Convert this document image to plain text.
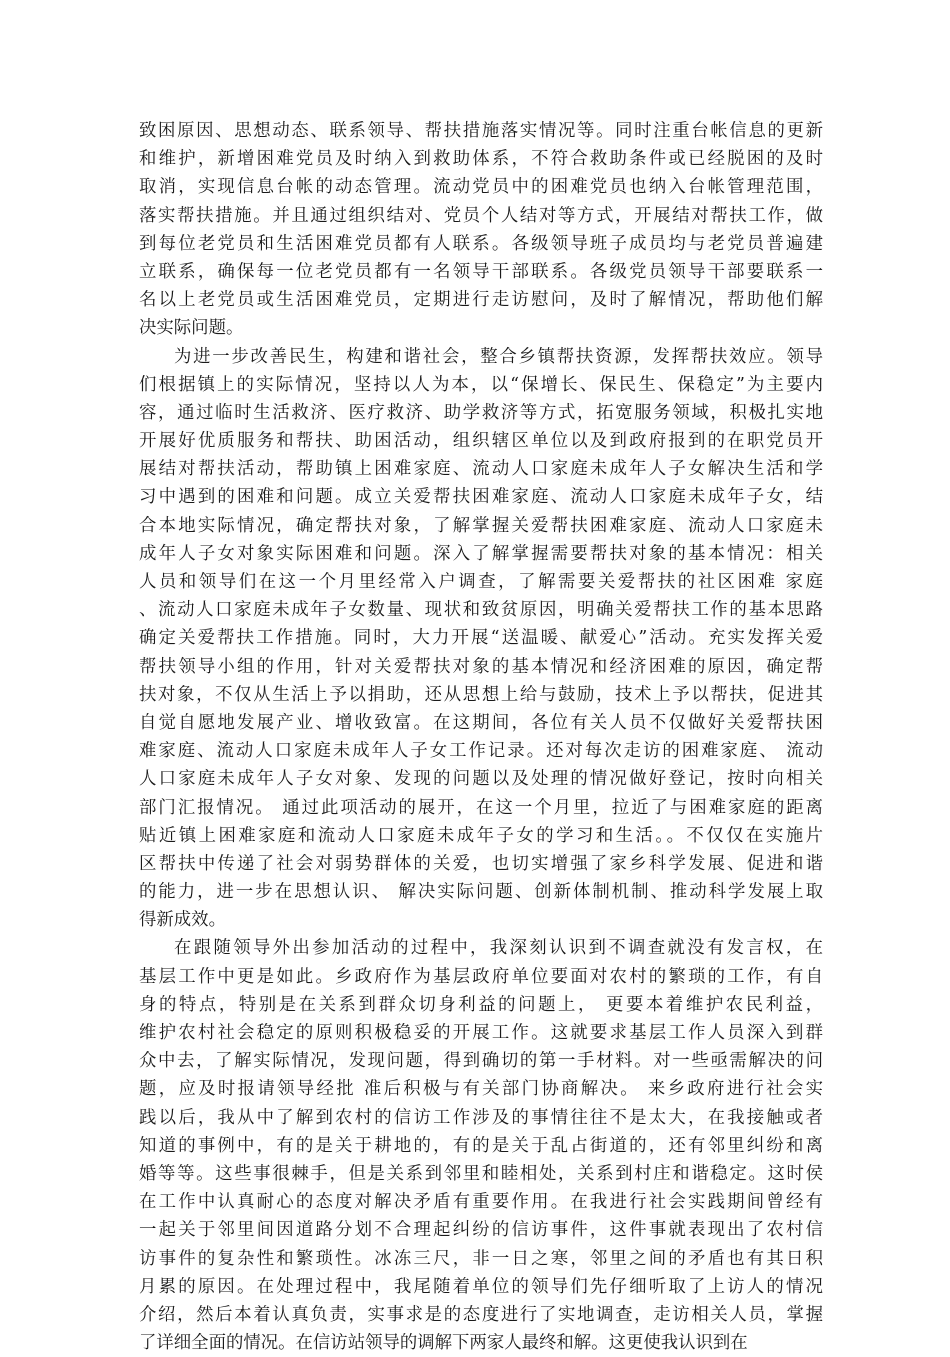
致困原因、思想动态、联系领导、帮扶措施落实情况等。同时注重台帐信息的更新
和维护，新增困难党员及时纳入到救助体系，不符合救助条件或已经脱困的及时
取消，实现信息台帐的动态管理。流动党员中的困难党员也纳入台帐管理范围，
落实帮扶措施。并且通过组织结对、党员个人结对等方式，开展结对帮扶工作，做
到每位老党员和生活困难党员都有人联系。各级领导班子成员均与老党员普遍建
立联系，确保每一位老党员都有一名领导干部联系。各级党员领导干部要联系一
名以上老党员或生活困难党员，定期进行走访慰问，及时了解情况，帮助他们解
决实际问题。
为进一步改善民生，构建和谐社会，整合乡镇帮扶资源，发挥帮扶效应。领导
们根据镇上的实际情况，坚持以人为本，以“保增长、保民生、保稳定”为主要内
容，通过临时生活救济、医疗救济、助学救济等方式，拓宽服务领域，积极扎实地
开展好优质服务和帮扶、助困活动，组织辖区单位以及到政府报到的在职党员开
展结对帮扶活动，帮助镇上困难家庭、流动人口家庭未成年人子女解决生活和学
习中遇到的困难和问题。成立关爱帮扶困难家庭、流动人口家庭未成年子女，结
合本地实际情况，确定帮扶对象，了解掌握关爱帮扶困难家庭、流动人口家庭未
成年人子女对象实际困难和问题。深入了解掌握需要帮扶对象的基本情况：相关
人员和领导们在这一个月里经常入户调查，了解需要关爱帮扶的社区困难 家庭
、流动人口家庭未成年子女数量、现状和致贫原因，明确关爱帮扶工作的基本思路
确定关爱帮扶工作措施。同时，大力开展“送温暖、献爱心”活动。充实发挥关爱
帮扶领导小组的作用，针对关爱帮扶对象的基本情况和经济困难的原因，确定帮
扶对象，不仅从生活上予以捐助，还从思想上给与鼓励，技术上予以帮扶，促进其
自觉自愿地发展产业、增收致富。在这期间，各位有关人员不仅做好关爱帮扶困
难家庭、流动人口家庭未成年人子女工作记录。还对每次走访的困难家庭、 流动
人口家庭未成年人子女对象、发现的问题以及处理的情况做好登记，按时向相关
部门汇报情况。 通过此项活动的展开，在这一个月里，拉近了与困难家庭的距离
贴近镇上困难家庭和流动人口家庭未成年子女的学习和生活。。不仅仅在实施片
区帮扶中传递了社会对弱势群体的关爱，也切实增强了家乡科学发展、促进和谐
的能力，进一步在思想认识、 解决实际问题、创新体制机制、推动科学发展上取
得新成效。
在跟随领导外出参加活动的过程中，我深刻认识到不调查就没有发言权，在
基层工作中更是如此。乡政府作为基层政府单位要面对农村的繁琐的工作，有自
身的特点，特别是在关系到群众切身利益的问题上， 更要本着维护农民利益，
维护农村社会稳定的原则积极稳妥的开展工作。这就要求基层工作人员深入到群
众中去，了解实际情况，发现问题，得到确切的第一手材料。对一些亟需解决的问
题，应及时报请领导经批 准后积极与有关部门协商解决。 来乡政府进行社会实
践以后，我从中了解到农村的信访工作涉及的事情往往不是太大，在我接触或者
知道的事例中，有的是关于耕地的，有的是关于乱占街道的，还有邻里纠纷和离
婚等等。这些事很棘手，但是关系到邻里和睦相处，关系到村庄和谐稳定。这时侯
在工作中认真耐心的态度对解决矛盾有重要作用。在我进行社会实践期间曾经有
一起关于邻里间因道路分划不合理起纠纷的信访事件，这件事就表现出了农村信
访事件的复杂性和繁琐性。冰冻三尺，非一日之寒，邻里之间的矛盾也有其日积
月累的原因。在处理过程中，我尾随着单位的领导们先仔细听取了上访人的情况
介绍，然后本着认真负责，实事求是的态度进行了实地调查，走访相关人员，掌握
了详细全面的情况。在信访站领导的调解下两家人最终和解。这更使我认识到在
